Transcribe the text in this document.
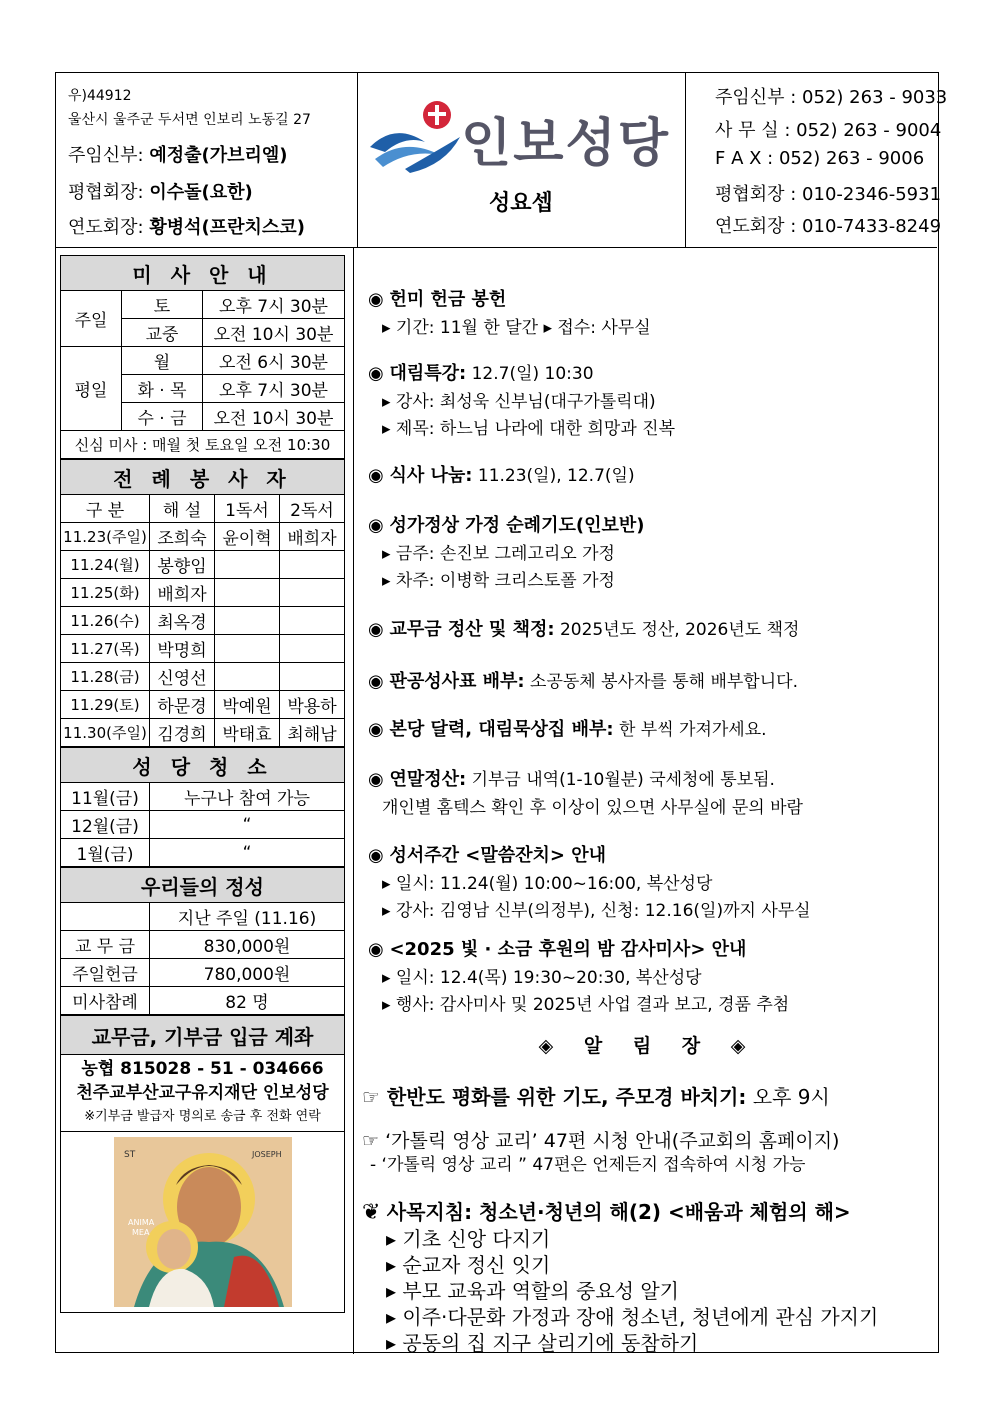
우)44912
울산시 울주군 두서면 인보리 노동길 27
주임신부: 예정출(가브리엘)
평협회장: 이수돌(요한)
연도회장: 황병석(프란치스코)
인보성당
성요셉
주임신부 : 052) 263 - 9033
사 무 실 : 052) 263 - 9004
F A X : 052) 263 - 9006
평협회장 : 010-2346-5931
연도회장 : 010-7433-8249
미 사 안 내		
주일	토	오후 7시 30분
	교중	오전 10시 30분
평일	월	오전 6시 30분
	화 · 목	오후 7시 30분
	수 · 금	오전 10시 30분
신심 미사 : 매월 첫 토요일 오전 10:30		
전 례 봉 사 자			
구 분	해 설	1독서	2독서
11.23(주일)	조희숙	윤이혁	배희자
11.24(월)	봉향임		
11.25(화)	배희자		
11.26(수)	최옥경		
11.27(목)	박명희		
11.28(금)	신영선		
11.29(토)	하문경	박예원	박용하
11.30(주일)	김경희	박태효	최해남
성 당 청 소	
11월(금)	누구나 참여 가능
12월(금)	“
1월(금)	“
우리들의 정성	
	지난 주일 (11.16)
교 무 금	830,000원
주일헌금	780,000원
미사참례	82 명
교무금, 기부금 입금 계좌

농협 815028 - 51 - 034666
천주교부산교구유지재단 인보성당
※기부금 발급자 명의로 송금 후 전화 연락

ST	JOSEPH
ANIMA
MEA
◉ 헌미 헌금 봉헌
▸ 기간: 11월 한 달간 ▸ 접수: 사무실
◉ 대림특강: 12.7(일) 10:30
▸ 강사: 최성욱 신부님(대구가톨릭대)
▸ 제목: 하느님 나라에 대한 희망과 진복
◉ 식사 나눔: 11.23(일), 12.7(일)
◉ 성가정상 가정 순례기도(인보반)
▸ 금주: 손진보 그레고리오 가정
▸ 차주: 이병학 크리스토폴 가정
◉ 교무금 정산 및 책정: 2025년도 정산, 2026년도 책정
◉ 판공성사표 배부: 소공동체 봉사자를 통해 배부합니다.
◉ 본당 달력, 대림묵상집 배부: 한 부씩 가져가세요.
◉ 연말정산: 기부금 내역(1-10월분) 국세청에 통보됨.
개인별 홈텍스 확인 후 이상이 있으면 사무실에 문의 바람
◉ 성서주간 <말씀잔치> 안내
▸ 일시: 11.24(월) 10:00~16:00, 복산성당
▸ 강사: 김영남 신부(의정부), 신청: 12.16(일)까지 사무실
◉ <2025 빛 · 소금 후원의 밤 감사미사> 안내
▸ 일시: 12.4(목) 19:30~20:30, 복산성당
▸ 행사: 감사미사 및 2025년 사업 결과 보고, 경품 추첨
◈ 알 림 장 ◈
☞ 한반도 평화를 위한 기도, 주모경 바치기: 오후 9시
☞ ‘가톨릭 영상 교리’ 47편 시청 안내(주교회의 홈페이지)
- ‘가톨릭 영상 교리 ” 47편은 언제든지 접속하여 시청 가능
❦ 사목지침: 청소년·청년의 해(2) <배움과 체험의 해>
▸ 기초 신앙 다지기
▸ 순교자 정신 잇기
▸ 부모 교육과 역할의 중요성 알기
▸ 이주·다문화 가정과 장애 청소년, 청년에게 관심 가지기
▸ 공동의 집 지구 살리기에 동참하기
